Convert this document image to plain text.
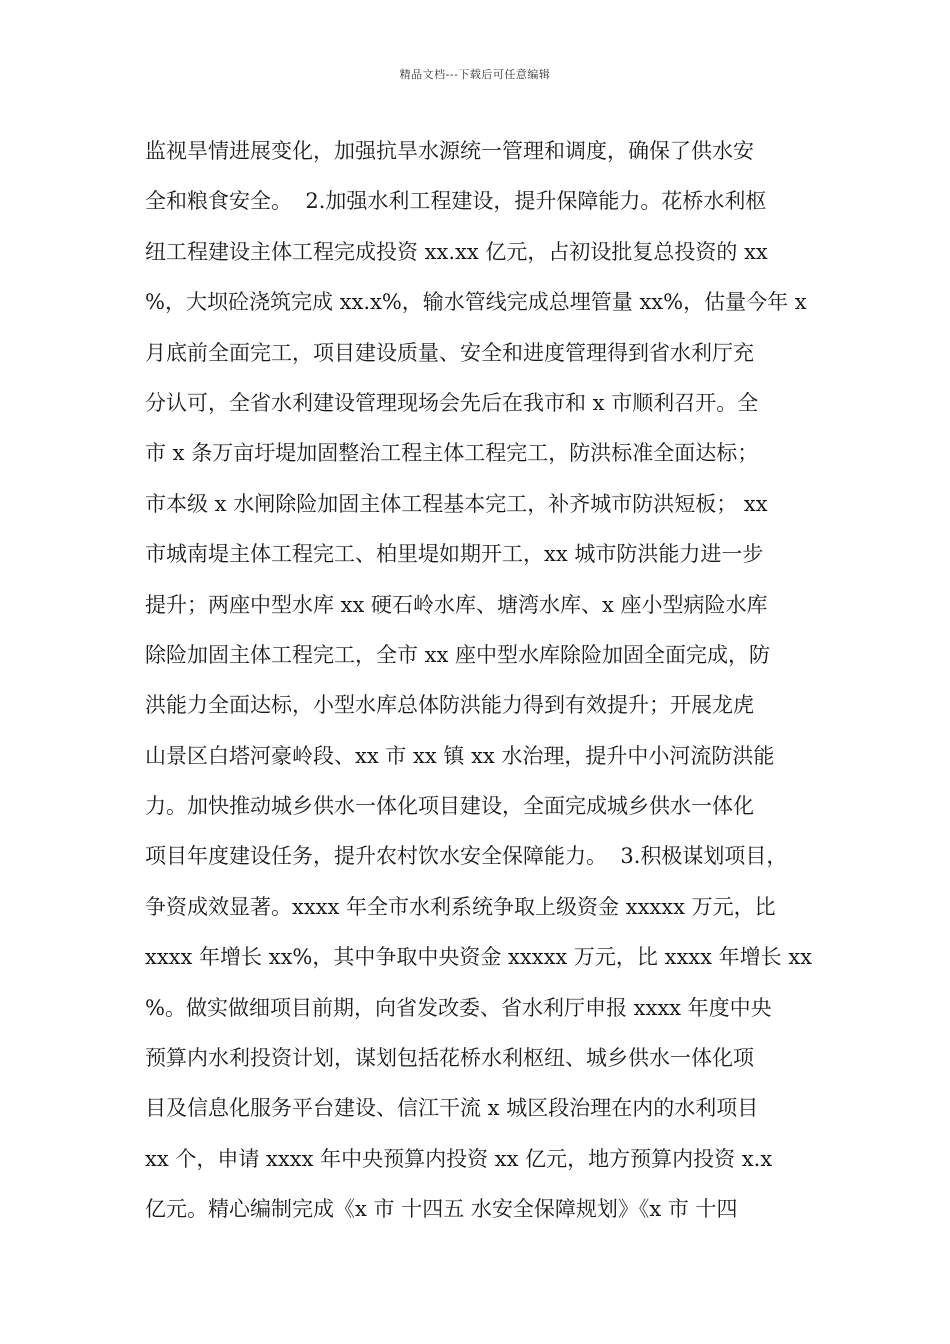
精品文档---下载后可任意编辑
监视旱情进展变化，加强抗旱水源统一管理和调度，确保了供水安
全和粮食安全。  2.加强水利工程建设，提升保障能力。花桥水利枢
纽工程建设主体工程完成投资 xx.xx 亿元，占初设批复总投资的 xx
%，大坝砼浇筑完成 xx.x%，输水管线完成总埋管量 xx%，估量今年 x
月底前全面完工，项目建设质量、安全和进度管理得到省水利厅充
分认可，全省水利建设管理现场会先后在我市和 x 市顺利召开。全
市 x 条万亩圩堤加固整治工程主体工程完工，防洪标准全面达标；
市本级 x 水闸除险加固主体工程基本完工，补齐城市防洪短板； xx
市城南堤主体工程完工、柏里堤如期开工，xx 城市防洪能力进一步
提升；两座中型水库 xx 硬石岭水库、塘湾水库、x 座小型病险水库
除险加固主体工程完工，全市 xx 座中型水库除险加固全面完成，防
洪能力全面达标，小型水库总体防洪能力得到有效提升；开展龙虎
山景区白塔河豪岭段、xx 市 xx 镇 xx 水治理，提升中小河流防洪能
力。加快推动城乡供水一体化项目建设，全面完成城乡供水一体化
项目年度建设任务，提升农村饮水安全保障能力。  3.积极谋划项目，
争资成效显著。xxxx 年全市水利系统争取上级资金 xxxxx 万元，比
xxxx 年增长 xx%，其中争取中央资金 xxxxx 万元，比 xxxx 年增长 xx
%。做实做细项目前期，向省发改委、省水利厅申报 xxxx 年度中央
预算内水利投资计划，谋划包括花桥水利枢纽、城乡供水一体化项
目及信息化服务平台建设、信江干流 x 城区段治理在内的水利项目
xx 个，申请 xxxx 年中央预算内投资 xx 亿元，地方预算内投资 x.x
亿元。精心编制完成《x 市 十四五 水安全保障规划》《x 市 十四
